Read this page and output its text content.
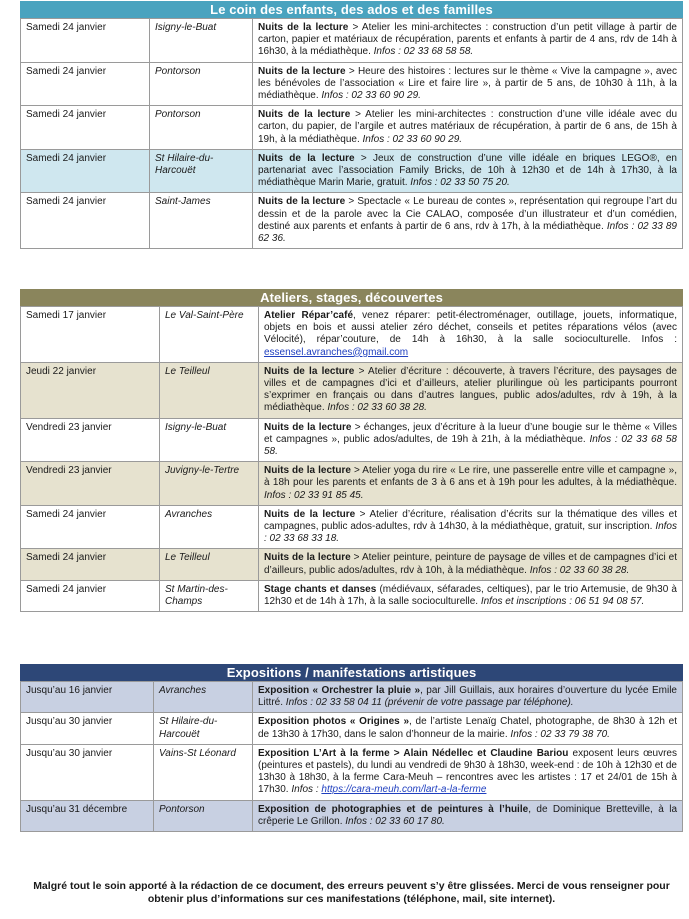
Le coin des enfants, des ados et des familles
Samedi 24 janvier	Isigny-le-Buat	Nuits de la lecture > Atelier les mini-architectes : construction d’un petit village à partir de carton, papier et matériaux de récupération, parents et enfants à partir de 4 ans, rdv de 14h à 16h30, à la médiathèque. Infos : 02 33 68 58 58.
Samedi 24 janvier	Pontorson	Nuits de la lecture > Heure des histoires : lectures sur le thème « Vive la campagne », avec les bénévoles de l’association « Lire et faire lire », à partir de 5 ans, de 10h30 à 11h, à la médiathèque. Infos : 02 33 60 90 29.
Samedi 24 janvier	Pontorson	Nuits de la lecture > Atelier les mini-architectes : construction d’une ville idéale avec du carton, du papier, de l’argile et autres matériaux de récupération, à partir de 6 ans, de 15h à 19h, à la médiathèque. Infos : 02 33 60 90 29.
Samedi 24 janvier	St Hilaire-du-Harcouët	Nuits de la lecture > Jeux de construction d’une ville idéale en briques LEGO®, en partenariat avec l’association Family Bricks, de 10h à 12h30 et de 14h à 17h30, à la médiathèque Marin Marie, gratuit. Infos : 02 33 50 75 20.
Samedi 24 janvier	Saint-James	Nuits de la lecture > Spectacle « Le bureau de contes », représentation qui regroupe l’art du dessin et de la parole avec la Cie CALAO, composée d’un illustrateur et d’un comédien, destiné aux parents et enfants à partir de 6 ans, rdv à 17h, à la médiathèque. Infos : 02 33 89 62 36.
Ateliers, stages, découvertes
Samedi 17 janvier	Le Val-Saint-Père	Atelier Répar’café, venez réparer: petit-électroménager, outillage, jouets, informatique, objets en bois et aussi atelier zéro déchet, conseils et petites réparations vélos (avec Vélocité), répar’couture, de 14h à 16h30, à la salle socioculturelle. Infos : essensel.avranches@gmail.com
Jeudi 22 janvier	Le Teilleul	Nuits de la lecture > Atelier d’écriture : découverte, à travers l’écriture, des paysages de villes et de campagnes d’ici et d’ailleurs, atelier plurilingue où les participants pourront s’exprimer en français ou dans d’autres langues, public ados/adultes, rdv à 19h, à la médiathèque. Infos : 02 33 60 38 28.
Vendredi 23 janvier	Isigny-le-Buat	Nuits de la lecture > échanges, jeux d’écriture à la lueur d’une bougie sur le thème « Villes et campagnes », public ados/adultes, de 19h à 21h, à la médiathèque. Infos : 02 33 68 58 58.
Vendredi 23 janvier	Juvigny-le-Tertre	Nuits de la lecture > Atelier yoga du rire « Le rire, une passerelle entre ville et campagne », à 18h pour les parents et enfants de 3 à 6 ans et à 19h pour les adultes, à la médiathèque. Infos : 02 33 91 85 45.
Samedi 24 janvier	Avranches	Nuits de la lecture > Atelier d’écriture, réalisation d’écrits sur la thématique des villes et campagnes, public ados-adultes, rdv à 14h30, à la médiathèque, gratuit, sur inscription. Infos : 02 33 68 33 18.
Samedi 24 janvier	Le Teilleul	Nuits de la lecture > Atelier peinture, peinture de paysage de villes et de campagnes d’ici et d’ailleurs, public ados/adultes, rdv à 10h, à la médiathèque. Infos : 02 33 60 38 28.
Samedi 24 janvier	St Martin-des-Champs	Stage chants et danses (médiévaux, séfarades, celtiques), par le trio Artemusie, de 9h30 à 12h30 et de 14h à 17h, à la salle socioculturelle. Infos et inscriptions : 06 51 94 08 57.
Expositions / manifestations artistiques
Jusqu’au 16 janvier	Avranches	Exposition « Orchestrer la pluie », par Jill Guillais, aux horaires d’ouverture du lycée Emile Littré. Infos : 02 33 58 04 11 (prévenir de votre passage par téléphone).
Jusqu’au 30 janvier	St Hilaire-du-Harcouët	Exposition photos « Origines », de l’artiste Lenaïg Chatel, photographe, de 8h30 à 12h et de 13h30 à 17h30, dans le salon d’honneur de la mairie. Infos : 02 33 79 38 70.
Jusqu’au 30 janvier	Vains-St Léonard	Exposition L’Art à la ferme > Alain Nédellec et Claudine Bariou exposent leurs œuvres (peintures et pastels), du lundi au vendredi de 9h30 à 18h30, week-end : de 10h à 12h30 et de 13h30 à 18h30, à la ferme Cara-Meuh – rencontres avec les artistes : 17 et 24/01 de 15h à 17h30. Infos : https://cara-meuh.com/lart-a-la-ferme
Jusqu’au 31 décembre	Pontorson	Exposition de photographies et de peintures à l’huile, de Dominique Bretteville, à la crêperie Le Grillon. Infos : 02 33 60 17 80.
Malgré tout le soin apporté à la rédaction de ce document, des erreurs peuvent s’y être glissées. Merci de vous renseigner pour obtenir plus d’informations sur ces manifestations (téléphone, mail, site internet).
